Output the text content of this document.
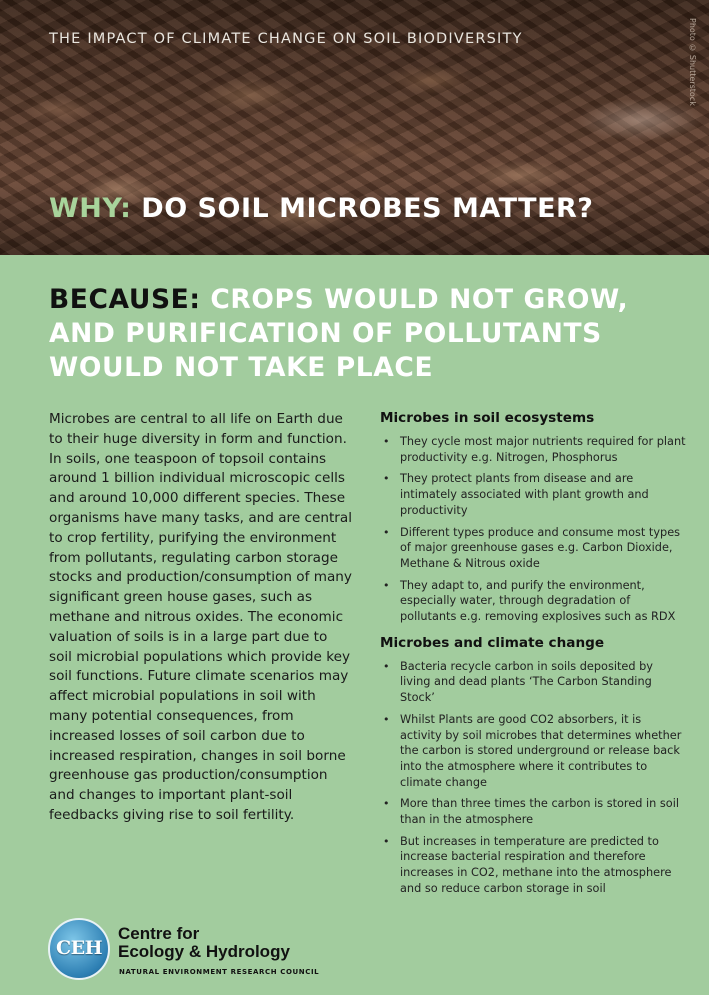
THE IMPACT OF CLIMATE CHANGE ON SOIL BIODIVERSITY	Photo © Shutterstock
WHY: DO SOIL MICROBES MATTER?
BECAUSE: CROPS WOULD NOT GROW, AND PURIFICATION OF POLLUTANTS WOULD NOT TAKE PLACE

Microbes are central to all life on Earth due to their huge diversity in form and function. In soils, one teaspoon of topsoil contains around 1 billion individual microscopic cells and around 10,000 different species. These organisms have many tasks, and are central to crop fertility, purifying the environment from pollutants, regulating carbon storage stocks and production/consumption of many significant green house gases, such as methane and nitrous oxides. The economic valuation of soils is in a large part due to soil microbial populations which provide key soil functions. Future climate scenarios may affect microbial populations in soil with many potential consequences, from increased losses of soil carbon due to increased respiration, changes in soil borne greenhouse gas production/consumption and changes to important plant-soil feedbacks giving rise to soil fertility.

Microbes in soil ecosystems
• They cycle most major nutrients required for plant productivity e.g. Nitrogen, Phosphorus
• They protect plants from disease and are intimately associated with plant growth and productivity
• Different types produce and consume most types of major greenhouse gases e.g. Carbon Dioxide, Methane & Nitrous oxide
• They adapt to, and purify the environment, especially water, through degradation of pollutants e.g. removing explosives such as RDX
Microbes and climate change
• Bacteria recycle carbon in soils deposited by living and dead plants ‘The Carbon Standing Stock’
• Whilst Plants are good CO2 absorbers, it is activity by soil microbes that determines whether the carbon is stored underground or release back into the atmosphere where it contributes to climate change
• More than three times the carbon is stored in soil than in the atmosphere
• But increases in temperature are predicted to increase bacterial respiration and therefore increases in CO2, methane into the atmosphere and so reduce carbon storage in soil
CEH
Centre for
Ecology & Hydrology
NATURAL ENVIRONMENT RESEARCH COUNCIL
